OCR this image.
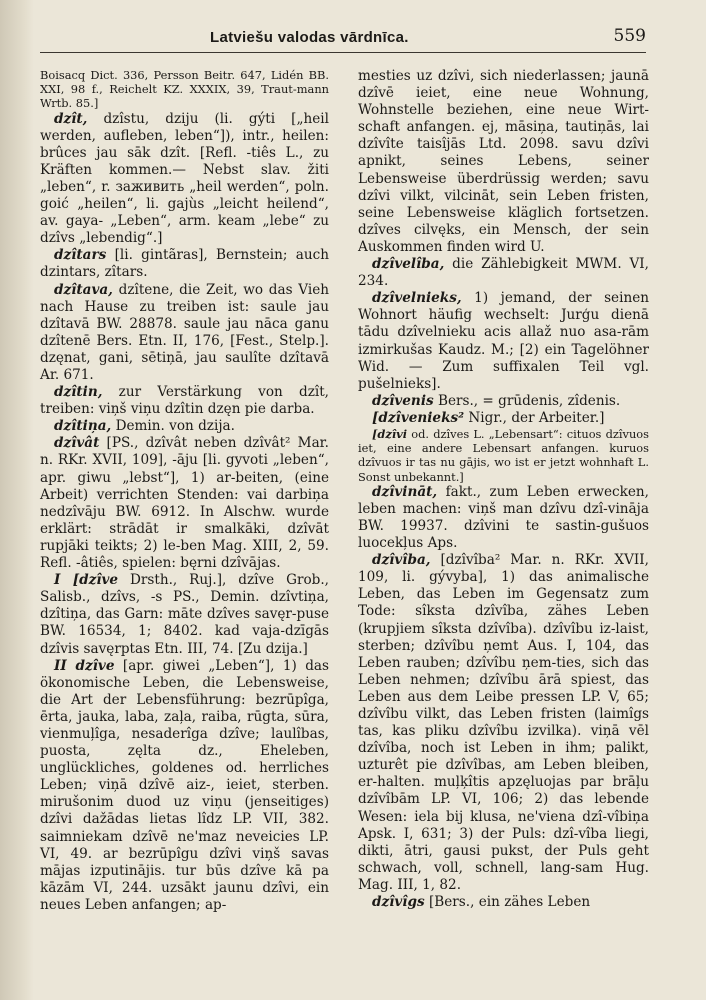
Latviešu valodas vārdnīca.	559

Boisacq Dict. 336, Persson Beitr. 647, Lidén BB. XXI, 98 f., Reichelt KZ. XXXIX, 39, Traut-mann Wrtb. 85.]

dzît, dzîstu, dziju (li. gýti [„heil werden, aufleben, leben“]), intr., heilen: brûces jau sāk dzît. [Refl. -tiês L., zu Kräften kommen.— Nebst slav. žiti „leben“, r. заживить „heil werden“, poln. goić „heilen“, li. gajùs „leicht heilend“, av. gaya- „Leben“, arm. keam „lebe“ zu dzîvs „lebendig“.]

dzîtars [li. gintãras], Bernstein; auch dzintars, zîtars.

dzîtava, dzîtene, die Zeit, wo das Vieh nach Hause zu treiben ist: saule jau dzîtavā BW. 28878. saule jau nāca ganu dzîtenē Bers. Etn. II, 176, [Fest., Stelp.]. dzęnat, gani, sētiņā, jau saulîte dzîtavā Ar. 671.

dzîtin, zur Verstärkung von dzît, treiben: viņš viņu dzîtin dzęn pie darba.

dzîtiņa, Demin. von dzija.

dzîvât [PS., dzîvât neben dzîvât² Mar. n. RKr. XVII, 109], -āju [li. gyvoti „leben“, apr. giwu „lebst“], 1) ar-beiten, (eine Arbeit) verrichten Stenden: vai darbiņa nedzîvāju BW. 6912. In Alschw. wurde erklärt: strādāt ir smalkāki, dzîvāt rupjāki teikts; 2) le-ben Mag. XIII, 2, 59. Refl. -âtiês, spielen: bęrni dzîvājas.

I [dzîve Drsth., Ruj.], dzîve Grob., Salisb., dzîvs, -s PS., Demin. dzîvtiņa, dzîtiņa, das Garn: māte dzîves savęr-puse BW. 16534, 1; 8402. kad vaja-dzīgās dzîvis savęrptas Etn. III, 74. [Zu dzija.]

II dzîve [apr. giwei „Leben“], 1) das ökonomische Leben, die Lebensweise, die Art der Lebensführung: bezrūpîga, ērta, jauka, laba, zaļa, raiba, rūgta, sūra, vienmuļîga, nesaderîga dzîve; laulîbas, puosta, zęlta dz., Eheleben, unglückliches, goldenes od. herrliches Leben; viņā dzîvē aiz-, ieiet, sterben. mirušonim duod uz viņu (jenseitiges) dzîvi dažādas lietas lîdz LP. VII, 382. saimniekam dzîvē ne'maz neveicies LP. VI, 49. ar bezrūpîgu dzîvi viņš savas mājas izputinājis. tur būs dzîve kā pa kāzām VI, 244. uzsākt jaunu dzîvi, ein neues Leben anfangen; ap-

mesties uz dzîvi, sich niederlassen; jaunā dzîvē ieiet, eine neue Wohnung, Wohnstelle beziehen, eine neue Wirt-schaft anfangen. ej, māsiņa, tautiņās, lai dzîvîte taisîjās Ltd. 2098. savu dzîvi apnikt, seines Lebens, seiner Lebensweise überdrüssig werden; savu dzîvi vilkt, vilcināt, sein Leben fristen, seine Lebensweise kläglich fortsetzen. dzîves cilvęks, ein Mensch, der sein Auskommen finden wird U.

dzîvelîba, die Zählebigkeit MWM. VI, 234.

dzîvelnieks, 1) jemand, der seinen Wohnort häufig wechselt: Jurģu dienā tādu dzîvelnieku acis allaž nuo asa-rām izmirkušas Kaudz. M.; [2) ein Tagelöhner Wid. — Zum suffixalen Teil vgl. pušelnieks].

dzîvenis Bers., = grūdenis, zîdenis.

[dzîvenieks² Nigr., der Arbeiter.]

[dzîvi od. dzîves L. „Lebensart“: cituos dzîvuos iet, eine andere Lebensart anfangen. kuruos dzîvuos ir tas nu gājis, wo ist er jetzt wohnhaft L. Sonst unbekannt.]

dzîvināt, fakt., zum Leben erwecken, leben machen: viņš man dzîvu dzî-vināja BW. 19937. dzîvini te sastin-gušuos luocekļus Aps.

dzîvîba, [dzîvîba² Mar. n. RKr. XVII, 109, li. gývyba], 1) das animalische Leben, das Leben im Gegensatz zum Tode: sîksta dzîvîba, zähes Leben (krupjiem sîksta dzîvîba). dzîvîbu iz-laist, sterben; dzîvîbu ņemt Aus. I, 104, das Leben rauben; dzîvîbu ņem-ties, sich das Leben nehmen; dzîvîbu ārā spiest, das Leben aus dem Leibe pressen LP. V, 65; dzîvîbu vilkt, das Leben fristen (laimîgs tas, kas pliku dzîvîbu izvilka). viņā vēl dzîvîba, noch ist Leben in ihm; palikt, uzturêt pie dzîvîbas, am Leben bleiben, er-halten. muļķîtis apzęluojas par brāļu dzîvîbām LP. VI, 106; 2) das lebende Wesen: iela bij klusa, ne'viena dzî-vîbiņa Apsk. I, 631; 3) der Puls: dzî-vîba liegi, dikti, ātri, gausi pukst, der Puls geht schwach, voll, schnell, lang-sam Hug. Mag. III, 1, 82.

dzîvîgs [Bers., ein zähes Leben
